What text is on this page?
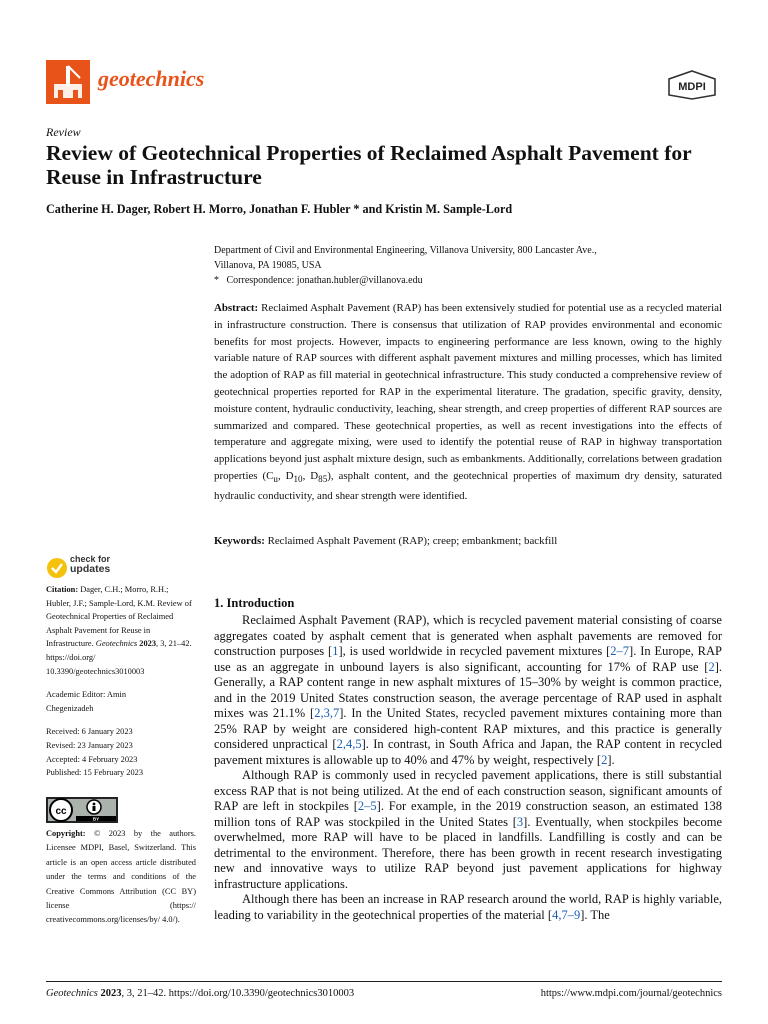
geotechnics	MDPI
Review
Review of Geotechnical Properties of Reclaimed Asphalt Pavement for Reuse in Infrastructure
Catherine H. Dager, Robert H. Morro, Jonathan F. Hubler * and Kristin M. Sample-Lord
Department of Civil and Environmental Engineering, Villanova University, 800 Lancaster Ave.,
Villanova, PA 19085, USA
* Correspondence: jonathan.hubler@villanova.edu
Abstract: Reclaimed Asphalt Pavement (RAP) has been extensively studied for potential use as a recycled material in infrastructure construction. There is consensus that utilization of RAP provides environmental and economic benefits for most projects. However, impacts to engineering performance are less known, owing to the highly variable nature of RAP sources with different asphalt pavement mixtures and milling processes, which has limited the adoption of RAP as fill material in geotechnical infrastructure. This study conducted a comprehensive review of geotechnical properties reported for RAP in the experimental literature. The gradation, specific gravity, density, moisture content, hydraulic conductivity, leaching, shear strength, and creep properties of different RAP sources are summarized and compared. These geotechnical properties, as well as recent investigations into the effects of temperature and aggregate mixing, were used to identify the potential reuse of RAP in highway transportation applications beyond just asphalt mixture design, such as embankments. Additionally, correlations between gradation properties ($C_u$, $D_{10}$, $D_{85}$), asphalt content, and the geotechnical properties of maximum dry density, saturated hydraulic conductivity, and shear strength were identified.
Keywords: Reclaimed Asphalt Pavement (RAP); creep; embankment; backfill
check for
updates

Citation: Dager, C.H.; Morro, R.H.; Hubler, J.F.; Sample-Lord, K.M. Review of Geotechnical Properties of Reclaimed Asphalt Pavement for Reuse in Infrastructure. Geotechnics 2023, 3, 21–42. https://doi.org/ 10.3390/geotechnics3010003

Academic Editor: Amin
Chegenizadeh

Received: 6 January 2023

Revised: 23 January 2023

Accepted: 4 February 2023

Published: 15 February 2023

cc
BY
Copyright: © 2023 by the authors. Licensee MDPI, Basel, Switzerland. This article is an open access article distributed under the terms and conditions of the Creative Commons Attribution (CC BY) license (https:// creativecommons.org/licenses/by/ 4.0/).
1. Introduction

Reclaimed Asphalt Pavement (RAP), which is recycled pavement material consisting of coarse aggregates coated by asphalt cement that is generated when asphalt pavements are removed for construction purposes [1], is used worldwide in recycled pavement mixtures [2–7]. In Europe, RAP use as an aggregate in unbound layers is also significant, accounting for 17% of RAP use [2]. Generally, a RAP content range in new asphalt mixtures of 15–30% by weight is common practice, and in the 2019 United States construction season, the average percentage of RAP used in asphalt mixes was 21.1% [2,3,7]. In the United States, recycled pavement mixtures containing more than 25% RAP by weight are considered high-content RAP mixtures, and this practice is generally considered unpractical [2,4,5]. In contrast, in South Africa and Japan, the RAP content in recycled pavement mixtures is allowable up to 40% and 47% by weight, respectively [2].

Although RAP is commonly used in recycled pavement applications, there is still substantial excess RAP that is not being utilized. At the end of each construction season, significant amounts of RAP are left in stockpiles [2–5]. For example, in the 2019 construction season, an estimated 138 million tons of RAP was stockpiled in the United States [3]. Eventually, when stockpiles become overwhelmed, more RAP will have to be placed in landfills. Landfilling is costly and can be detrimental to the environment. Therefore, there has been growth in recent research investigating new and innovative ways to utilize RAP beyond just pavement applications for highway infrastructure applications.

Although there has been an increase in RAP research around the world, RAP is highly variable, leading to variability in the geotechnical properties of the material [4,7–9]. The

Geotechnics 2023, 3, 21–42. https://doi.org/10.3390/geotechnics3010003	https://www.mdpi.com/journal/geotechnics
